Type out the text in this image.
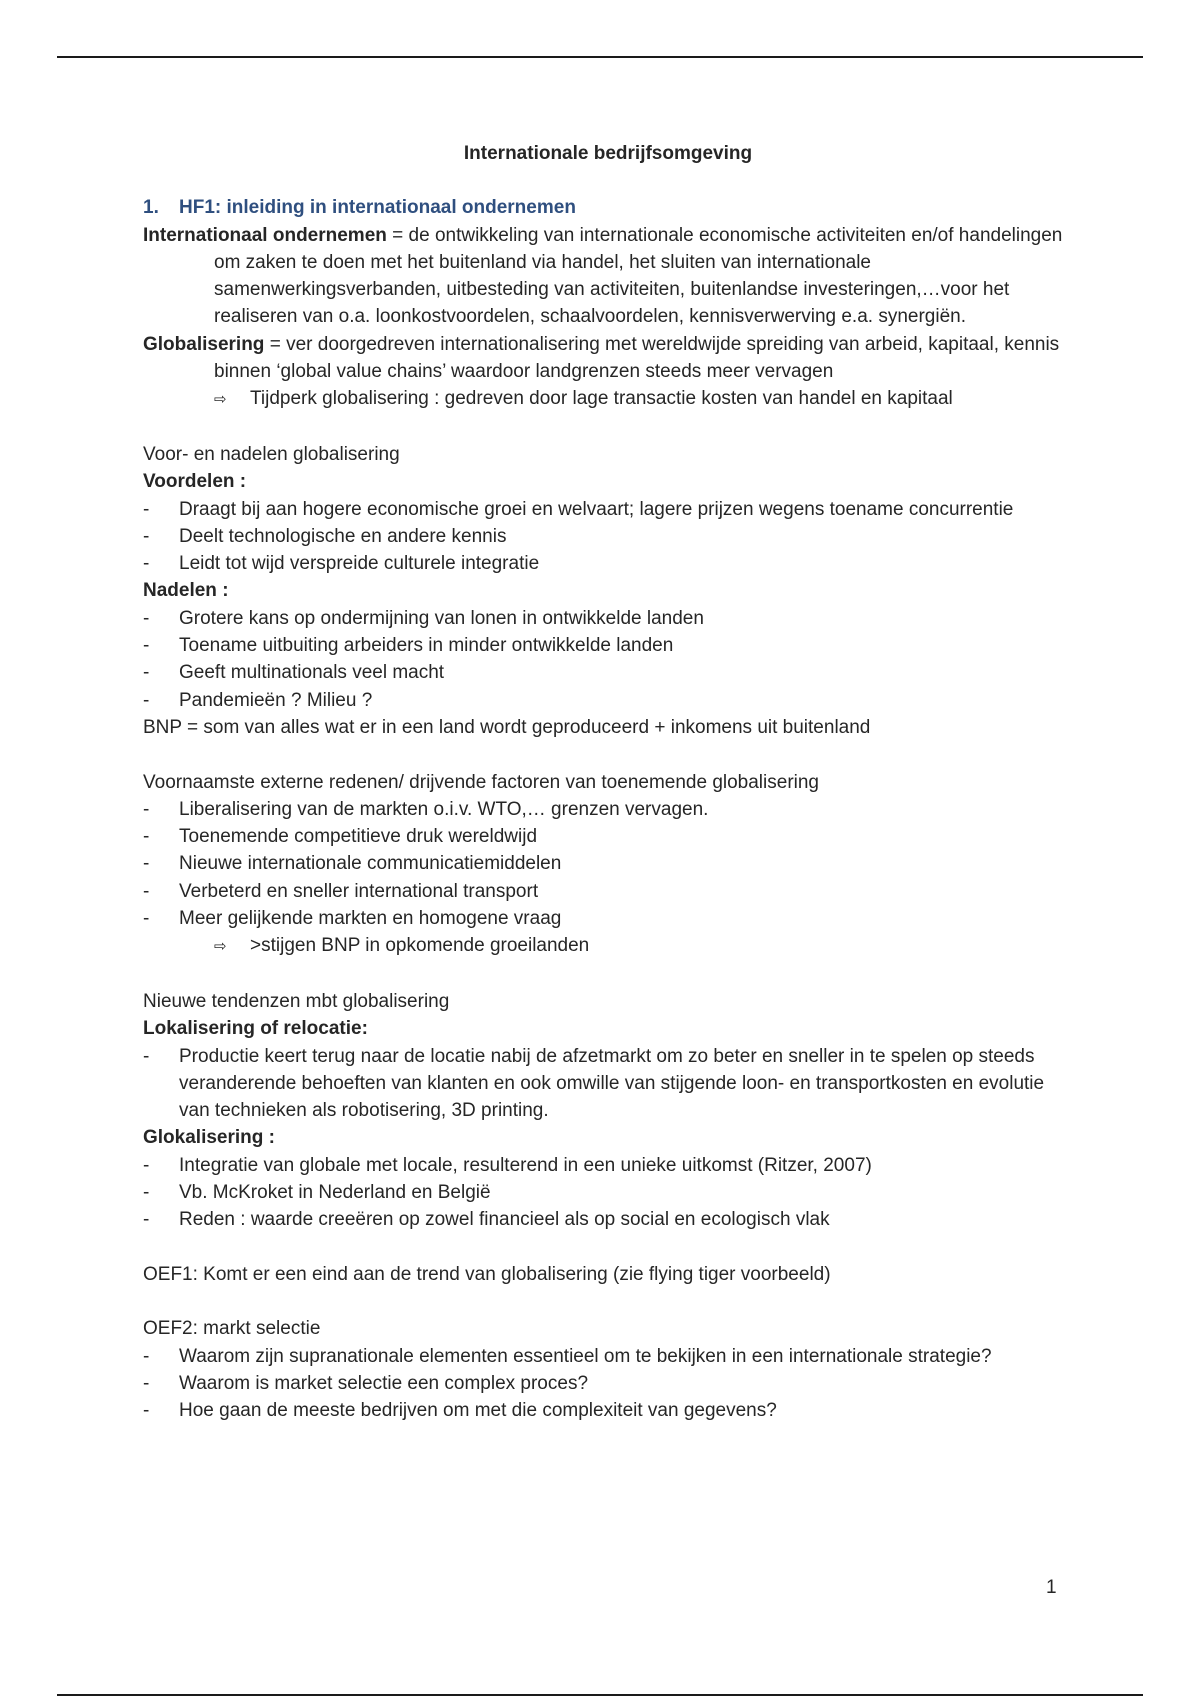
Internationale bedrijfsomgeving
1. HF1: inleiding in internationaal ondernemen
Internationaal ondernemen = de ontwikkeling van internationale economische activiteiten en/of handelingen om zaken te doen met het buitenland via handel, het sluiten van internationale samenwerkingsverbanden, uitbesteding van activiteiten, buitenlandse investeringen,…voor het realiseren van o.a. loonkostvoordelen, schaalvoordelen, kennisverwerving e.a. synergiën.
Globalisering = ver doorgedreven internationalisering met wereldwijde spreiding van arbeid, kapitaal, kennis binnen ‘global value chains’ waardoor landgrenzen steeds meer vervagen
⇨ Tijdperk globalisering : gedreven door lage transactie kosten van handel en kapitaal
Voor- en nadelen globalisering
Voordelen :
- Draagt bij aan hogere economische groei en welvaart; lagere prijzen wegens toename concurrentie
- Deelt technologische en andere kennis
- Leidt tot wijd verspreide culturele integratie
Nadelen :
- Grotere kans op ondermijning van lonen in ontwikkelde landen
- Toename uitbuiting arbeiders in minder ontwikkelde landen
- Geeft multinationals veel macht
- Pandemieën ? Milieu ?
BNP = som van alles wat er in een land wordt geproduceerd + inkomens uit buitenland
Voornaamste externe redenen/ drijvende factoren van toenemende globalisering
- Liberalisering van de markten o.i.v. WTO,… grenzen vervagen.
- Toenemende competitieve druk wereldwijd
- Nieuwe internationale communicatiemiddelen
- Verbeterd en sneller international transport
- Meer gelijkende markten en homogene vraag
⇨ >stijgen BNP in opkomende groeilanden
Nieuwe tendenzen mbt globalisering
Lokalisering of relocatie:
- Productie keert terug naar de locatie nabij de afzetmarkt om zo beter en sneller in te spelen op steeds veranderende behoeften van klanten en ook omwille van stijgende loon- en transportkosten en evolutie van technieken als robotisering, 3D printing.
Glokalisering :
- Integratie van globale met locale, resulterend in een unieke uitkomst (Ritzer, 2007)
- Vb. McKroket in Nederland en België
- Reden : waarde creeëren op zowel financieel als op social en ecologisch vlak
OEF1: Komt er een eind aan de trend van globalisering (zie flying tiger voorbeeld)
OEF2: markt selectie
- Waarom zijn supranationale elementen essentieel om te bekijken in een internationale strategie?
- Waarom is market selectie een complex proces?
- Hoe gaan de meeste bedrijven om met die complexiteit van gegevens?
1
